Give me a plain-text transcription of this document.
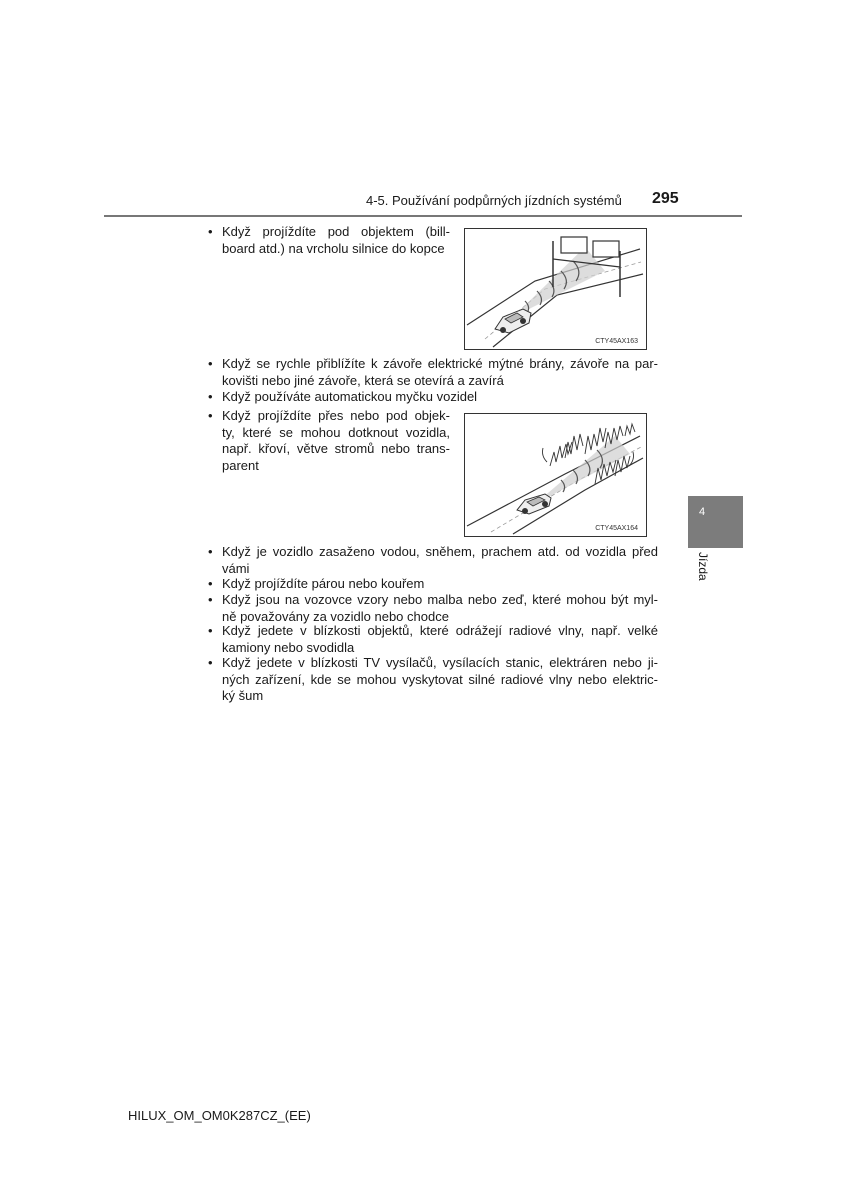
4-5. Používání podpůrných jízdních systémů 295
4
Jízda
• Když projíždíte pod objektem (bill-
board atd.) na vrcholu silnice do kopce
CTY45AX163
• Když se rychle přiblížíte k závoře elektrické mýtné brány, závoře na par-
kovišti nebo jiné závoře, která se otevírá a zavírá
• Když používáte automatickou myčku vozidel
• Když projíždíte přes nebo pod objek-
ty, které se mohou dotknout vozidla,
např. křoví, větve stromů nebo trans-
parent
CTY45AX164
• Když je vozidlo zasaženo vodou, sněhem, prachem atd. od vozidla před
vámi
• Když projíždíte párou nebo kouřem
• Když jsou na vozovce vzory nebo malba nebo zeď, které mohou být myl-
ně považovány za vozidlo nebo chodce
• Když jedete v blízkosti objektů, které odrážejí radiové vlny, např. velké
kamiony nebo svodidla
• Když jedete v blízkosti TV vysílačů, vysílacích stanic, elektráren nebo ji-
ných zařízení, kde se mohou vyskytovat silné radiové vlny nebo elektric-
ký šum
HILUX_OM_OM0K287CZ_(EE)
